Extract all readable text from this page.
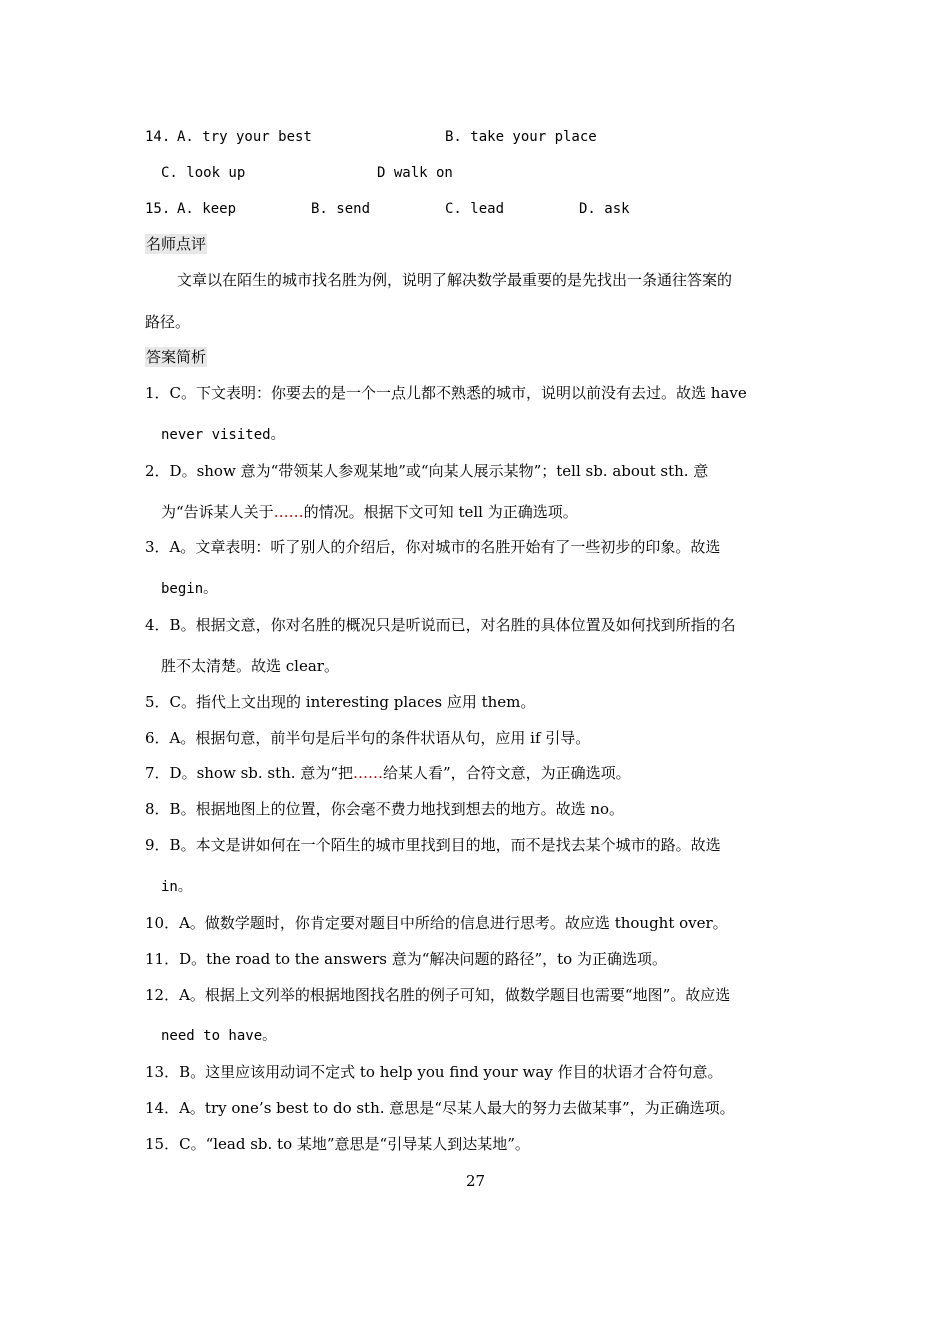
14. A. try your best	B. take your place
C. look up	D walk on
15. A. keep	B. send	C. lead	D. ask
名师点评
文章以在陌生的城市找名胜为例，说明了解决数学最重要的是先找出一条通往答案的
路径。
答案简析
1．C。下文表明：你要去的是一个一点儿都不熟悉的城市，说明以前没有去过。故选 have
never visited。
2．D。show 意为“带领某人参观某地”或“向某人展示某物”；tell sb. about sth. 意
为“告诉某人关于……的情况。根据下文可知 tell 为正确选项。
3．A。文章表明：听了别人的介绍后，你对城市的名胜开始有了一些初步的印象。故选
begin。
4．B。根据文意，你对名胜的概况只是听说而已，对名胜的具体位置及如何找到所指的名
胜不太清楚。故选 clear。
5．C。指代上文出现的 interesting places 应用 them。
6．A。根据句意，前半句是后半句的条件状语从句，应用 if 引导。
7．D。show sb. sth. 意为“把……给某人看”，合符文意，为正确选项。
8．B。根据地图上的位置，你会毫不费力地找到想去的地方。故选 no。
9．B。本文是讲如何在一个陌生的城市里找到目的地，而不是找去某个城市的路。故选
in。
10．A。做数学题时，你肯定要对题目中所给的信息进行思考。故应选 thought over。
11．D。the road to the answers 意为“解决问题的路径”，to 为正确选项。
12．A。根据上文列举的根据地图找名胜的例子可知，做数学题目也需要“地图”。故应选
need to have。
13．B。这里应该用动词不定式 to help you find your way 作目的状语才合符句意。
14．A。try one’s best to do sth. 意思是“尽某人最大的努力去做某事”，为正确选项。
15．C。“lead sb. to 某地”意思是“引导某人到达某地”。
27
